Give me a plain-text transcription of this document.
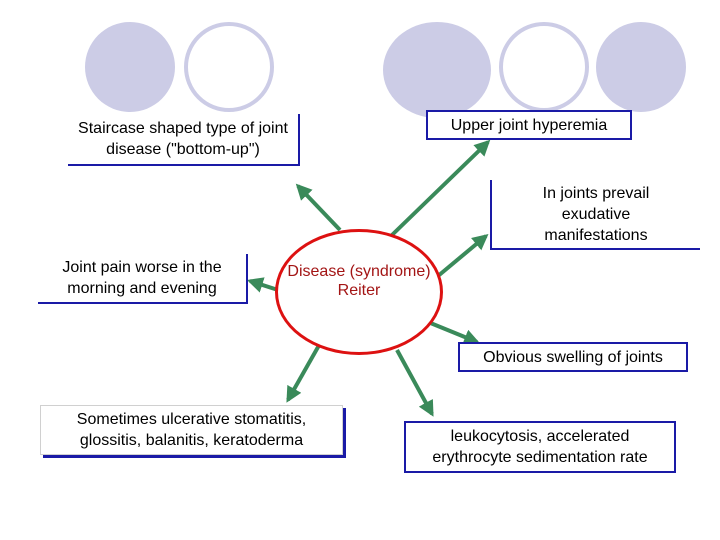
Disease (syndrome)
Reiter
Staircase shaped type of joint disease ("bottom-up")
Upper joint hyperemia
In joints prevail exudative manifestations
Joint pain worse in the morning and evening
Obvious swelling of joints
Sometimes ulcerative stomatitis, glossitis, balanitis, keratoderma	leukocytosis, accelerated erythrocyte sedimentation rate
